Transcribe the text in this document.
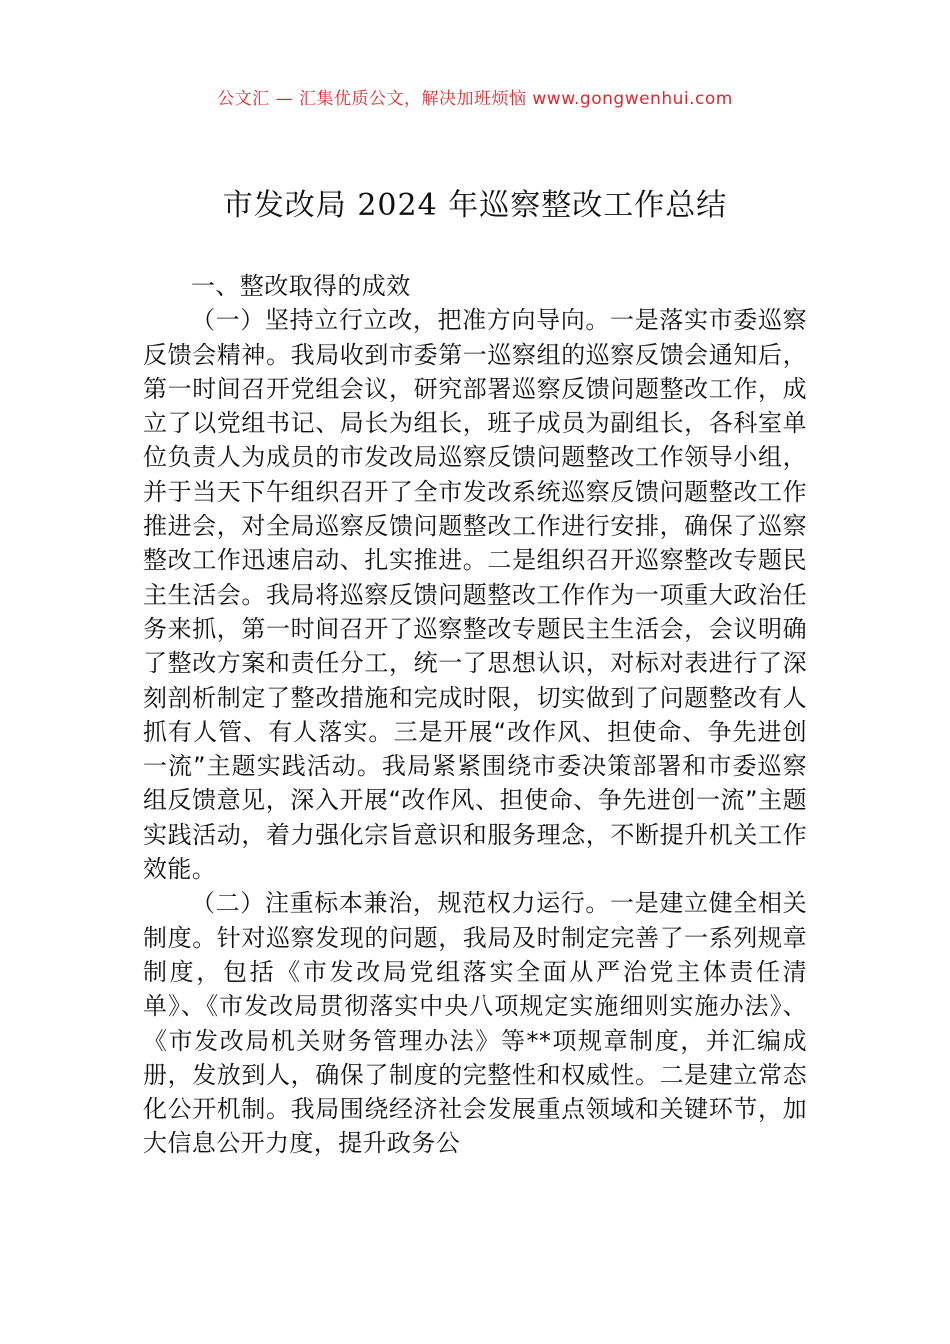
公文汇 — 汇集优质公文，解决加班烦恼 www.gongwenhui.com
市发改局 2024 年巡察整改工作总结

一、整改取得的成效

（一）坚持立行立改，把准方向导向。一是落实市委巡察反馈会精神。我局收到市委第一巡察组的巡察反馈会通知后，第一时间召开党组会议，研究部署巡察反馈问题整改工作，成立了以党组书记、局长为组长，班子成员为副组长，各科室单位负责人为成员的市发改局巡察反馈问题整改工作领导小组，并于当天下午组织召开了全市发改系统巡察反馈问题整改工作推进会，对全局巡察反馈问题整改工作进行安排，确保了巡察整改工作迅速启动、扎实推进。二是组织召开巡察整改专题民主生活会。我局将巡察反馈问题整改工作作为一项重大政治任务来抓，第一时间召开了巡察整改专题民主生活会，会议明确了整改方案和责任分工，统一了思想认识，对标对表进行了深刻剖析制定了整改措施和完成时限，切实做到了问题整改有人抓有人管、有人落实。三是开展“改作风、担使命、争先进创一流”主题实践活动。我局紧紧围绕市委决策部署和市委巡察组反馈意见，深入开展“改作风、担使命、争先进创一流”主题实践活动，着力强化宗旨意识和服务理念，不断提升机关工作效能。

（二）注重标本兼治，规范权力运行。一是建立健全相关制度。针对巡察发现的问题，我局及时制定完善了一系列规章制度，包括《市发改局党组落实全面从严治党主体责任清单》、《市发改局贯彻落实中央八项规定实施细则实施办法》、《市发改局机关财务管理办法》等**项规章制度，并汇编成册，发放到人，确保了制度的完整性和权威性。二是建立常态化公开机制。我局围绕经济社会发展重点领域和关键环节，加大信息公开力度，提升政务公
